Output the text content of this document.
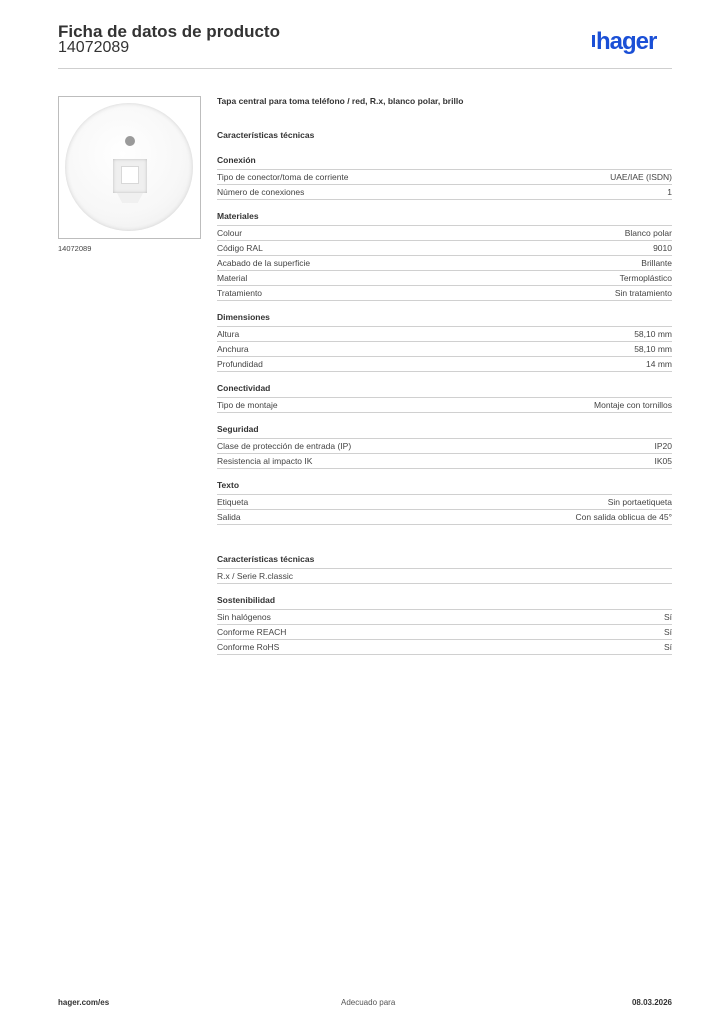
Ficha de datos de producto
14072089	hager
14072089
Tapa central para toma teléfono / red, R.x, blanco polar, brillo
Características técnicas
Conexión
Tipo de conector/toma de corriente	UAE/IAE (ISDN)
Número de conexiones	1
Materiales
Colour	Blanco polar
Código RAL	9010
Acabado de la superficie	Brillante
Material	Termoplástico
Tratamiento	Sin tratamiento
Dimensiones
Altura	58,10 mm
Anchura	58,10 mm
Profundidad	14 mm
Conectividad
Tipo de montaje	Montaje con tornillos
Seguridad
Clase de protección de entrada (IP)	IP20
Resistencia al impacto IK	IK05
Texto
Etiqueta	Sin portaetiqueta
Salida	Con salida oblicua de 45°
Características técnicas
R.x / Serie R.classic
Sostenibilidad
Sin halógenos	Sí
Conforme REACH	Sí
Conforme RoHS	Sí
hager.com/es	Adecuado para	08.03.2026
